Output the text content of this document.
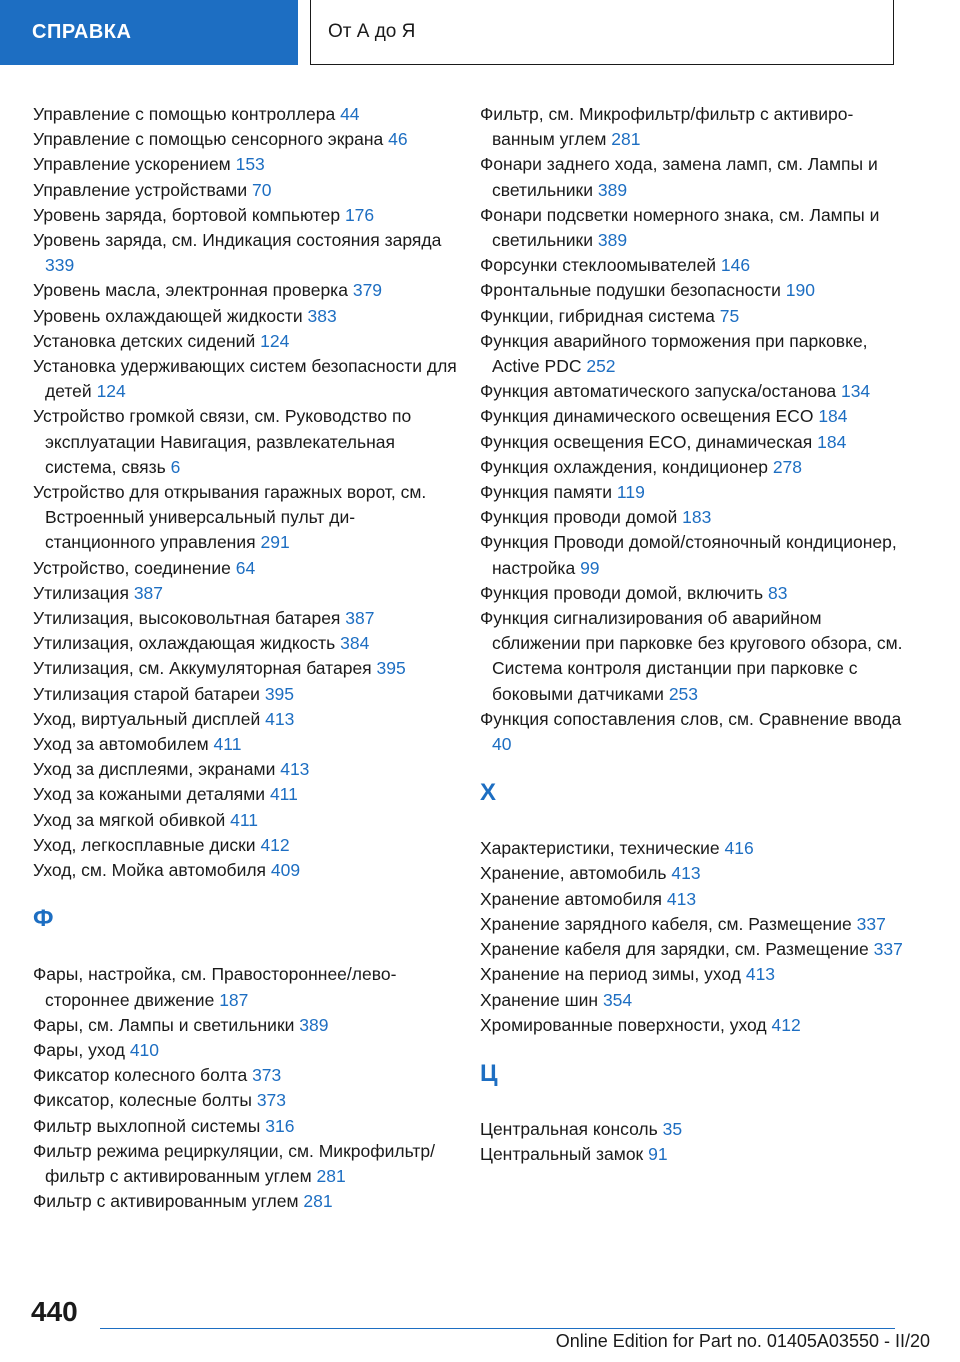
СПРАВКА	От А до Я
Управление с помощью контроллера 44
Управление с помощью сенсорного экрана 46
Управление ускорением 153
Управление устройствами 70
Уровень заряда, бортовой компьютер 176
Уровень заряда, см. Индикация состояния заряда 339
Уровень масла, электронная проверка 379
Уровень охлаждающей жидкости 383
Установка детских сидений 124
Установка удерживающих систем безопасности для детей 124
Устройство громкой связи, см. Руководство по эксплуатации Навигация, развлекательная система, связь 6
Устройство для открывания гаражных ворот, см. Встроенный универсальный пульт дистанционного управления 291
Устройство, соединение 64
Утилизация 387
Утилизация, высоковольтная батарея 387
Утилизация, охлаждающая жидкость 384
Утилизация, см. Аккумуляторная батарея 395
Утилизация старой батареи 395
Уход, виртуальный дисплей 413
Уход за автомобилем 411
Уход за дисплеями, экранами 413
Уход за кожаными деталями 411
Уход за мягкой обивкой 411
Уход, легкосплавные диски 412
Уход, см. Мойка автомобиля 409
Ф
Фары, настройка, см. Правостороннее/левостороннее движение 187
Фары, см. Лампы и светильники 389
Фары, уход 410
Фиксатор колесного болта 373
Фиксатор, колесные болты 373
Фильтр выхлопной системы 316
Фильтр режима рециркуляции, см. Микрофильтр/фильтр с активированным углем 281
Фильтр с активированным углем 281
Фильтр, см. Микрофильтр/фильтр с активированным углем 281
Фонари заднего хода, замена ламп, см. Лампы и светильники 389
Фонари подсветки номерного знака, см. Лампы и светильники 389
Форсунки стеклоомывателей 146
Фронтальные подушки безопасности 190
Функции, гибридная система 75
Функция аварийного торможения при парковке, Active PDC 252
Функция автоматического запуска/останова 134
Функция динамического освещения ECO 184
Функция освещения ECO, динамическая 184
Функция охлаждения, кондиционер 278
Функция памяти 119
Функция проводи домой 183
Функция Проводи домой/стояночный кондиционер, настройка 99
Функция проводи домой, включить 83
Функция сигнализирования об аварийном сближении при парковке без кругового обзора, см. Система контроля дистанции при парковке с боковыми датчиками 253
Функция сопоставления слов, см. Сравнение ввода 40
Х
Характеристики, технические 416
Хранение, автомобиль 413
Хранение автомобиля 413
Хранение зарядного кабеля, см. Размещение 337
Хранение кабеля для зарядки, см. Размещение 337
Хранение на период зимы, уход 413
Хранение шин 354
Хромированные поверхности, уход 412
Ц
Центральная консоль 35
Центральный замок 91
440
Online Edition for Part no. 01405A03550 - II/20
